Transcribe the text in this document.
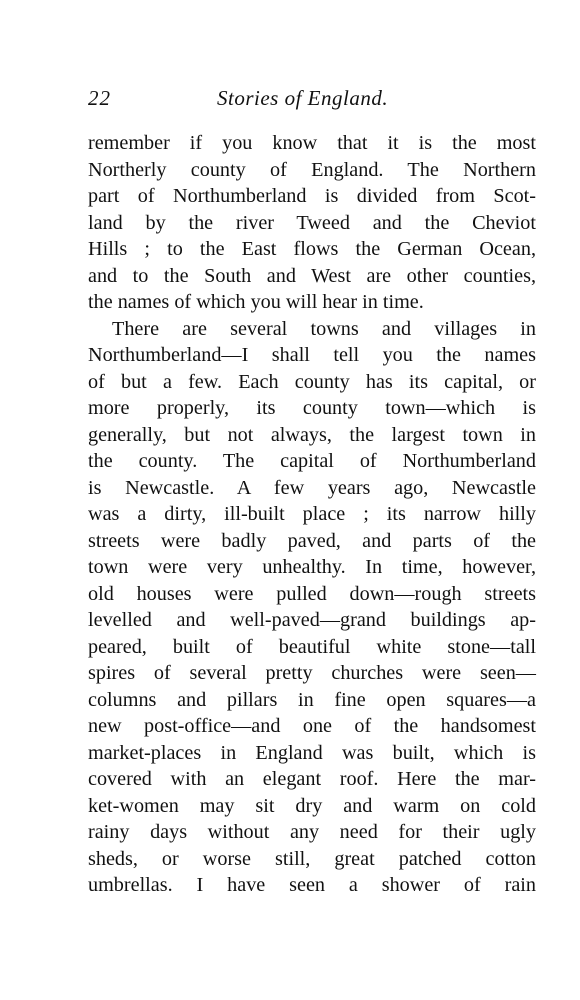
22	Stories of England.
remember if you know that it is the most
Northerly county of England. The Northern
part of Northumberland is divided from Scot-
land by the river Tweed and the Cheviot
Hills ; to the East flows the German Ocean,
and to the South and West are other counties,
the names of which you will hear in time.
There are several towns and villages in
Northumberland—I shall tell you the names
of but a few. Each county has its capital, or
more properly, its county town—which is
generally, but not always, the largest town in
the county. The capital of Northumberland
is Newcastle. A few years ago, Newcastle
was a dirty, ill-built place ; its narrow hilly
streets were badly paved, and parts of the
town were very unhealthy. In time, however,
old houses were pulled down—rough streets
levelled and well-paved—grand buildings ap-
peared, built of beautiful white stone—tall
spires of several pretty churches were seen—
columns and pillars in fine open squares—a
new post-office—and one of the handsomest
market-places in England was built, which is
covered with an elegant roof. Here the mar-
ket-women may sit dry and warm on cold
rainy days without any need for their ugly
sheds, or worse still, great patched cotton
umbrellas. I have seen a shower of rain
